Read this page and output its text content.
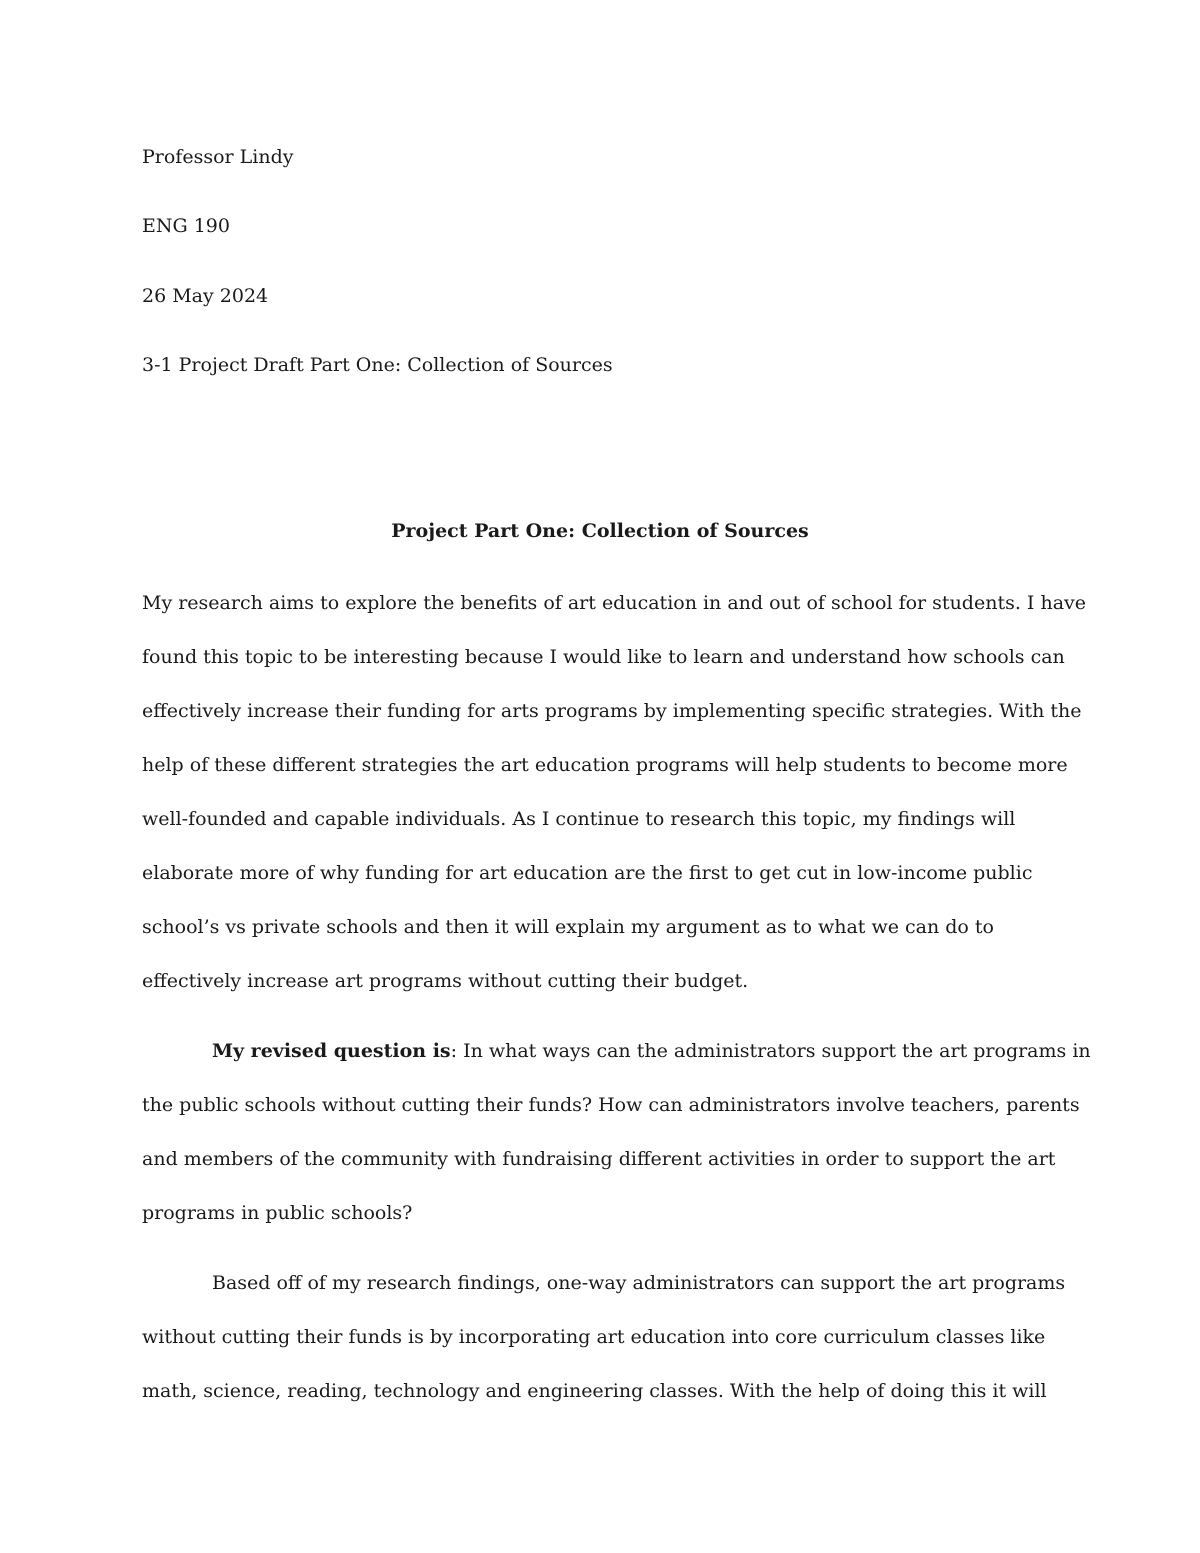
Professor Lindy
ENG 190
26 May 2024
3-1 Project Draft Part One: Collection of Sources
Project Part One: Collection of Sources
My research aims to explore the benefits of art education in and out of school for students. I have
found this topic to be interesting because I would like to learn and understand how schools can
effectively increase their funding for arts programs by implementing specific strategies. With the
help of these different strategies the art education programs will help students to become more
well-founded and capable individuals. As I continue to research this topic, my findings will
elaborate more of why funding for art education are the first to get cut in low-income public
school’s vs private schools and then it will explain my argument as to what we can do to
effectively increase art programs without cutting their budget.
My revised question is: In what ways can the administrators support the art programs in
the public schools without cutting their funds? How can administrators involve teachers, parents
and members of the community with fundraising different activities in order to support the art
programs in public schools?
Based off of my research findings, one-way administrators can support the art programs
without cutting their funds is by incorporating art education into core curriculum classes like
math, science, reading, technology and engineering classes. With the help of doing this it will
